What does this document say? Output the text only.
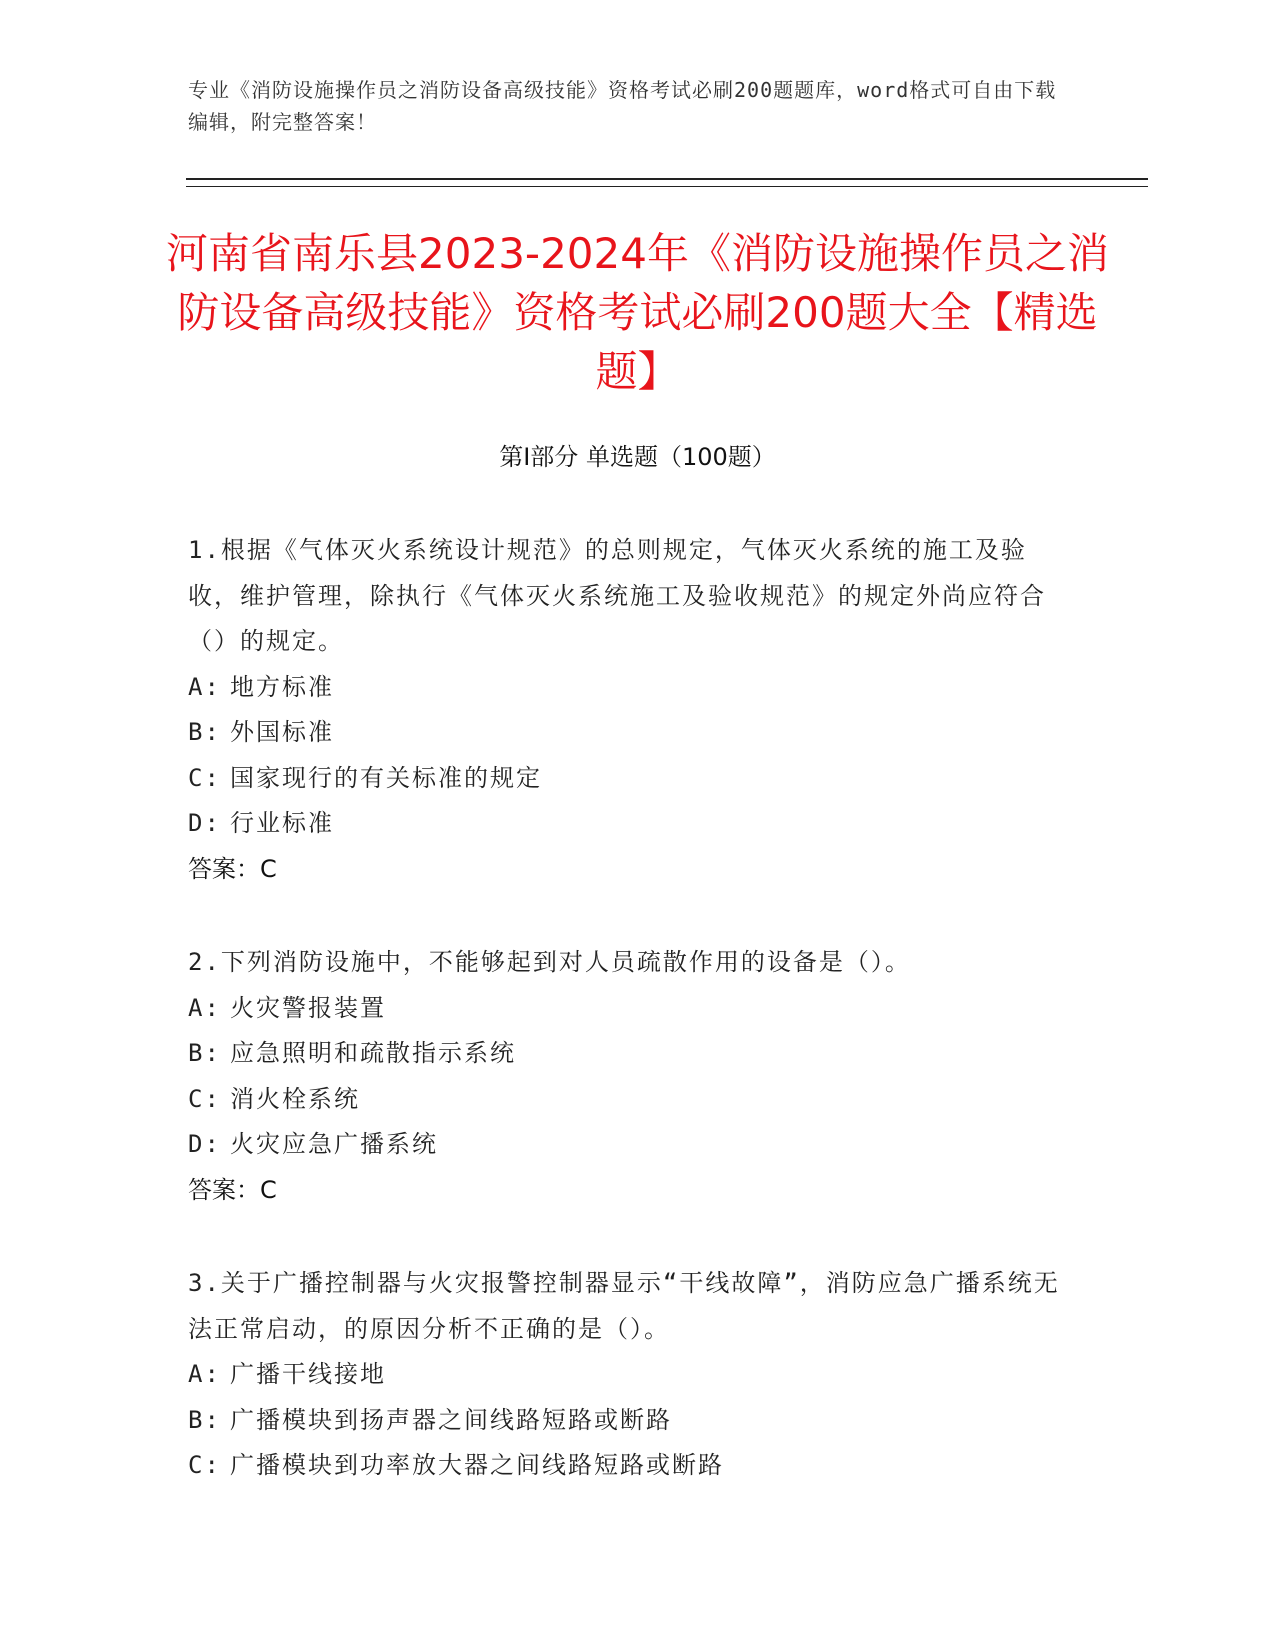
专业《消防设施操作员之消防设备高级技能》资格考试必刷200题题库，word格式可自由下载编辑，附完整答案！
河南省南乐县2023-2024年《消防设施操作员之消防设备高级技能》资格考试必刷200题大全【精选题】
第I部分 单选题（100题）

1.根据《气体灭火系统设计规范》的总则规定，气体灭火系统的施工及验收，维护管理，除执行《气体灭火系统施工及验收规范》的规定外尚应符合（）的规定。

A: 地方标准
B: 外国标准
C: 国家现行的有关标准的规定
D: 行业标准
答案：C

2.下列消防设施中，不能够起到对人员疏散作用的设备是（）。

A: 火灾警报装置
B: 应急照明和疏散指示系统
C: 消火栓系统
D: 火灾应急广播系统
答案：C

3.关于广播控制器与火灾报警控制器显示“干线故障”，消防应急广播系统无法正常启动，的原因分析不正确的是（）。

A: 广播干线接地
B: 广播模块到扬声器之间线路短路或断路
C: 广播模块到功率放大器之间线路短路或断路
